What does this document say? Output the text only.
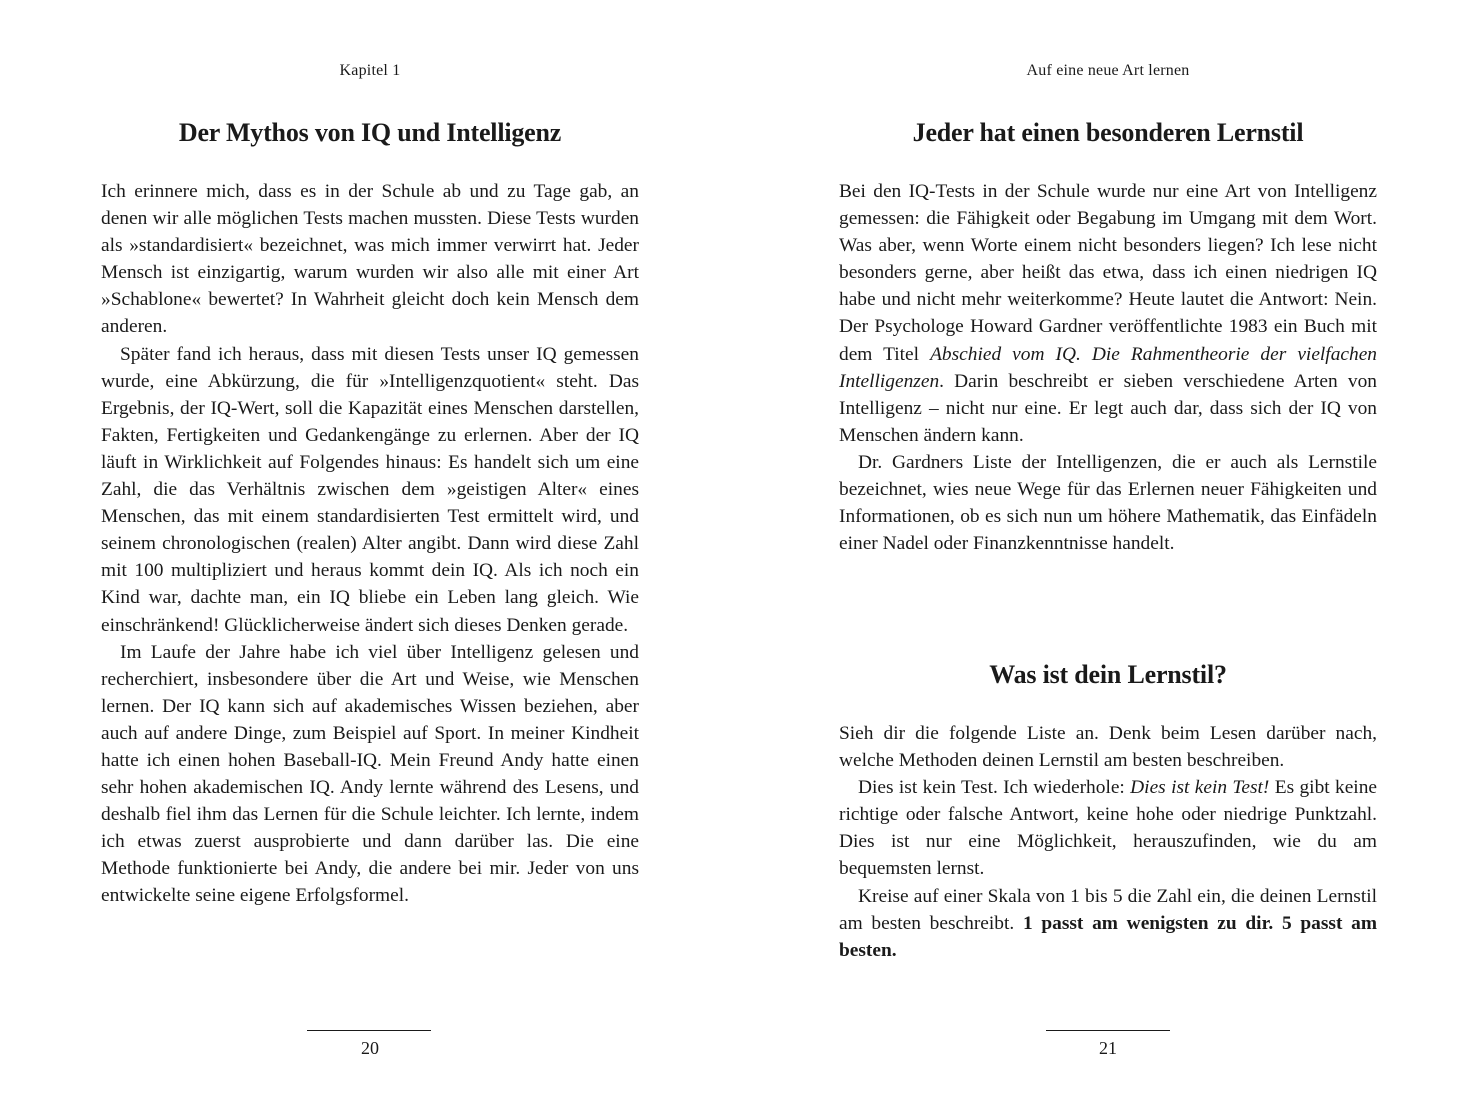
Kapitel 1
Der Mythos von IQ und Intelligenz

Ich erinnere mich, dass es in der Schule ab und zu Tage gab, an denen wir alle möglichen Tests machen mussten. Diese Tests wurden als »standardisiert« bezeichnet, was mich immer verwirrt hat. Jeder Mensch ist einzigartig, warum wurden wir also alle mit einer Art »Schablone« bewertet? In Wahrheit gleicht doch kein Mensch dem anderen.

Später fand ich heraus, dass mit diesen Tests unser IQ gemessen wurde, eine Abkürzung, die für »Intelligenzquotient« steht. Das Ergebnis, der IQ-Wert, soll die Kapazität eines Menschen darstellen, Fakten, Fertigkeiten und Gedankengänge zu erlernen. Aber der IQ läuft in Wirklichkeit auf Folgendes hinaus: Es handelt sich um eine Zahl, die das Verhältnis zwischen dem »geistigen Alter« eines Menschen, das mit einem standardisierten Test ermittelt wird, und seinem chronologischen (realen) Alter angibt. Dann wird diese Zahl mit 100 multipliziert und heraus kommt dein IQ. Als ich noch ein Kind war, dachte man, ein IQ bliebe ein Leben lang gleich. Wie einschränkend! Glücklicherweise ändert sich dieses Denken gerade.

Im Laufe der Jahre habe ich viel über Intelligenz gelesen und recherchiert, insbesondere über die Art und Weise, wie Menschen lernen. Der IQ kann sich auf akademisches Wissen beziehen, aber auch auf andere Dinge, zum Beispiel auf Sport. In meiner Kindheit hatte ich einen hohen Baseball-IQ. Mein Freund Andy hatte einen sehr hohen akademischen IQ. Andy lernte während des Lesens, und deshalb fiel ihm das Lernen für die Schule leichter. Ich lernte, indem ich etwas zuerst ausprobierte und dann darüber las. Die eine Methode funktionierte bei Andy, die andere bei mir. Jeder von uns entwickelte seine eigene Erfolgsformel.

20
Auf eine neue Art lernen
Jeder hat einen besonderen Lernstil

Bei den IQ-Tests in der Schule wurde nur eine Art von Intelligenz gemessen: die Fähigkeit oder Begabung im Umgang mit dem Wort. Was aber, wenn Worte einem nicht besonders liegen? Ich lese nicht besonders gerne, aber heißt das etwa, dass ich einen niedrigen IQ habe und nicht mehr weiterkomme? Heute lautet die Antwort: Nein. Der Psychologe Howard Gardner veröffentlichte 1983 ein Buch mit dem Titel Abschied vom IQ. Die Rahmentheorie der vielfachen Intelligenzen. Darin beschreibt er sieben verschiedene Arten von Intelligenz – nicht nur eine. Er legt auch dar, dass sich der IQ von Menschen ändern kann.

Dr. Gardners Liste der Intelligenzen, die er auch als Lernstile bezeichnet, wies neue Wege für das Erlernen neuer Fähigkeiten und Informationen, ob es sich nun um höhere Mathematik, das Einfädeln einer Nadel oder Finanzkenntnisse handelt.

Was ist dein Lernstil?

Sieh dir die folgende Liste an. Denk beim Lesen darüber nach, welche Methoden deinen Lernstil am besten beschreiben.

Dies ist kein Test. Ich wiederhole: Dies ist kein Test! Es gibt keine richtige oder falsche Antwort, keine hohe oder niedrige Punktzahl. Dies ist nur eine Möglichkeit, herauszufinden, wie du am bequemsten lernst.

Kreise auf einer Skala von 1 bis 5 die Zahl ein, die deinen Lernstil am besten beschreibt. 1 passt am wenigsten zu dir. 5 passt am besten.

21
